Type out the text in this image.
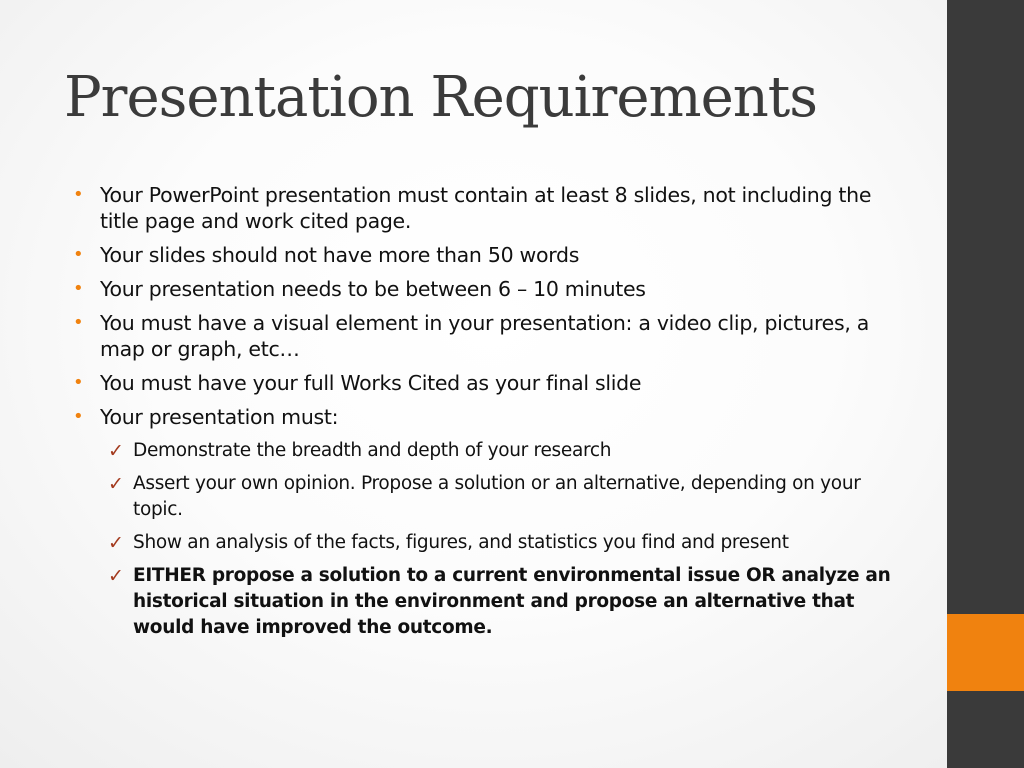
Presentation Requirements
• Your PowerPoint presentation must contain at least 8 slides, not including the title page and work cited page.
• Your slides should not have more than 50 words
• Your presentation needs to be between 6 – 10 minutes
• You must have a visual element in your presentation: a video clip, pictures, a map or graph, etc…
• You must have your full Works Cited as your final slide
• Your presentation must:
✓ Demonstrate the breadth and depth of your research
✓ Assert your own opinion. Propose a solution or an alternative, depending on your topic.
✓ Show an analysis of the facts, figures, and statistics you find and present
✓ EITHER propose a solution to a current environmental issue OR analyze an historical situation in the environment and propose an alternative that would have improved the outcome.
